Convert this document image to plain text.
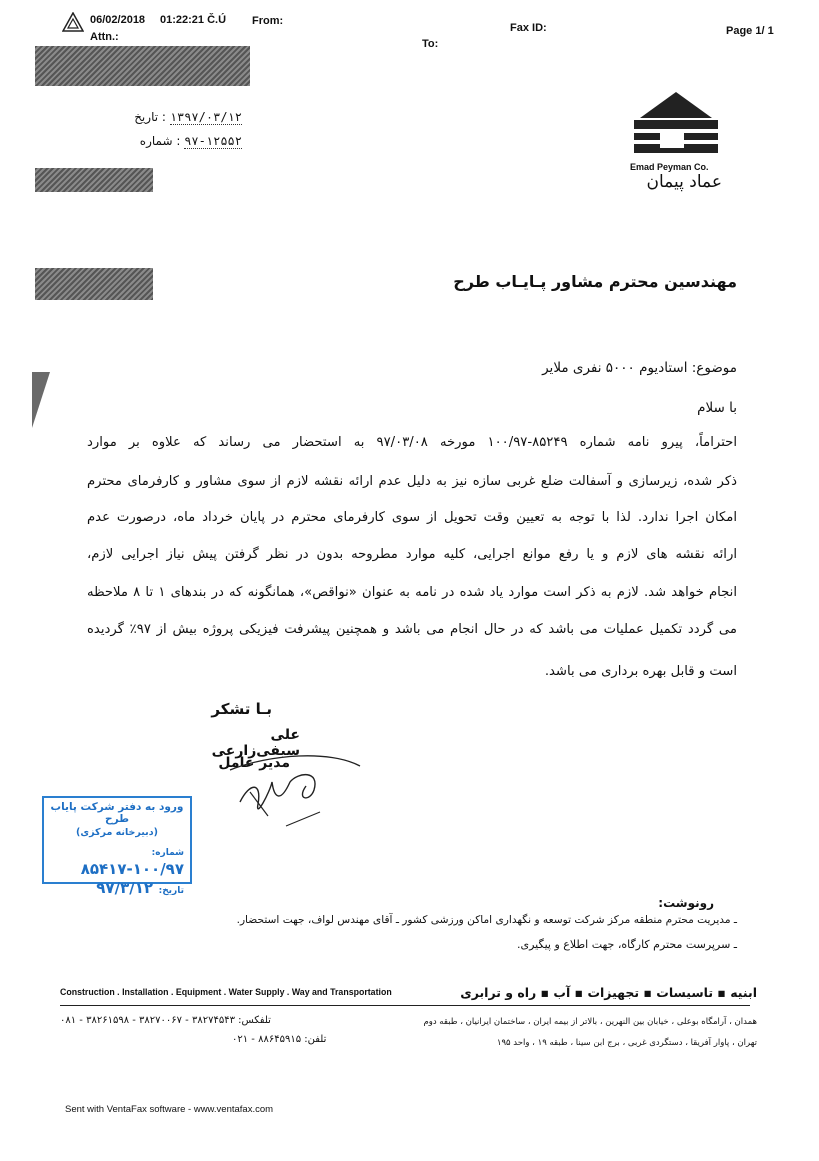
06/02/2018 01:22:21 Č.Ú From:
Attn.:
Fax ID:
To:
Page 1/ 1
۱۳۹۷/۰۳/۱۲ : تاریخ
۹۷-۱۲۵۵۲ : شماره
Emad Peyman Co.
عماد پیمان
مهندسین محترم مشاور پـایـاب طرح
موضوع: استادیوم ۵۰۰۰ نفری ملایر
با سلام
احتراماً، پیرو نامه شماره ۸۵۲۴۹-۱۰۰/۹۷ مورخه ۹۷/۰۳/۰۸ به استحضار می رساند که علاوه بر موارد
ذکر شده، زیرسازی و آسفالت ضلع غربی سازه نیز به دلیل عدم ارائه نقشه لازم از سوی مشاور و کارفرمای محترم
امکان اجرا ندارد. لذا با توجه به تعیین وقت تحویل از سوی کارفرمای محترم در پایان خرداد ماه، درصورت عدم
ارائه نقشه های لازم و یا رفع موانع اجرایی، کلیه موارد مطروحه بدون در نظر گرفتن پیش نیاز اجرایی لازم،
انجام خواهد شد. لازم به ذکر است موارد یاد شده در نامه به عنوان «نواقص»، همانگونه که در بندهای ۱ تا ۸ ملاحظه
می گردد تکمیل عملیات می باشد که در حال انجام می باشد و همچنین پیشرفت فیزیکی پروژه بیش از ۹۷٪ گردیده
است و قابل بهره برداری می باشد.
بـا تشکر
علی سیفی‌زارعی
مدیر عامل
ورود به دفتر شرکت پایاب طرح
(دبیرخانه مرکزی)
شماره: ۱۰۰/۹۷-۸۵۴۱۷
تاریخ: ۹۷/۳/۱۲
رونوشت:
ـ مدیریت محترم منطقه مرکز شرکت توسعه و نگهداری اماکن ورزشی کشور ـ آقای مهندس لواف، جهت استحضار.
ـ سرپرست محترم کارگاه، جهت اطلاع و پیگیری.
Construction . Installation . Equipment . Water Supply . Way and Transportation	ابنیه ▪ تاسیسات ▪ تجهیزات ▪ آب ▪ راه و ترابری
همدان ، آرامگاه بوعلی ، خیابان بین النهرین ، بالاتر از بیمه ایران ، ساختمان ایرانیان ، طبقه دوم
تلفکس: ۳۸۲۷۴۵۴۳ - ۳۸۲۷۰۰۶۷ - ۳۸۲۶۱۵۹۸ - ۰۸۱
تهران ، پاوار آفریقا ، دستگردی غربی ، برج ابن سینا ، طبقه ۱۹ ، واحد ۱۹۵
تلفن: ۸۸۶۴۵۹۱۵ - ۰۲۱
Sent with VentaFax software - www.ventafax.com
